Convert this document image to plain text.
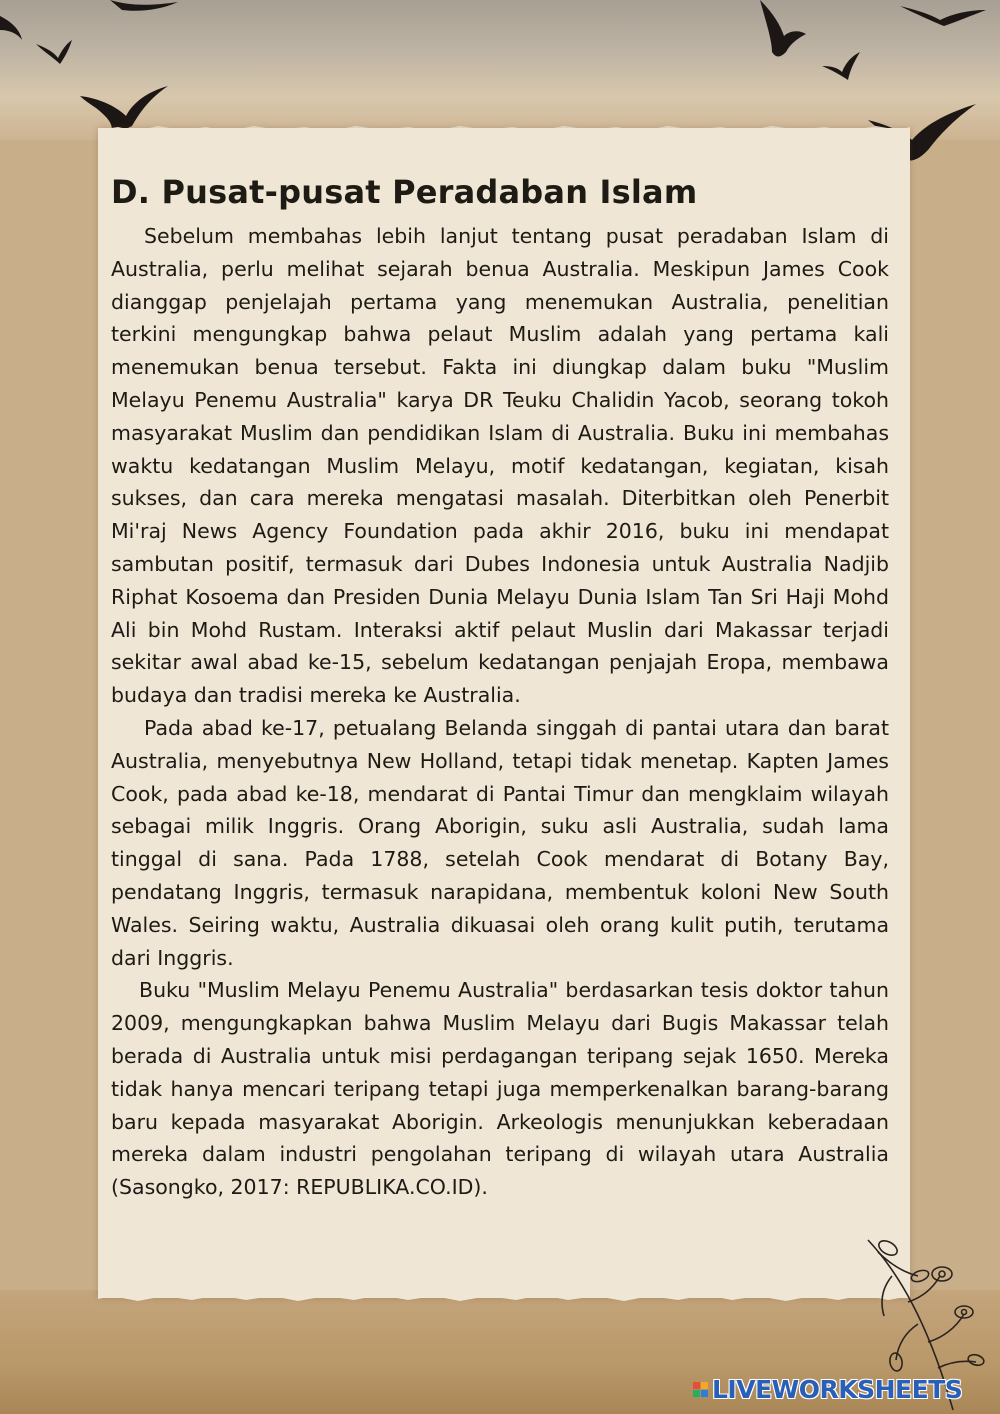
D. Pusat-pusat Peradaban Islam

Sebelum membahas lebih lanjut tentang pusat peradaban Islam di Australia, perlu melihat sejarah benua Australia. Meskipun James Cook dianggap penjelajah pertama yang menemukan Australia, penelitian terkini mengungkap bahwa pelaut Muslim adalah yang pertama kali menemukan benua tersebut. Fakta ini diungkap dalam buku "Muslim Melayu Penemu Australia" karya DR Teuku Chalidin Yacob, seorang tokoh masyarakat Muslim dan pendidikan Islam di Australia. Buku ini membahas waktu kedatangan Muslim Melayu, motif kedatangan, kegiatan, kisah sukses, dan cara mereka mengatasi masalah. Diterbitkan oleh Penerbit Mi'raj News Agency Foundation pada akhir 2016, buku ini mendapat sambutan positif, termasuk dari Dubes Indonesia untuk Australia Nadjib Riphat Kosoema dan Presiden Dunia Melayu Dunia Islam Tan Sri Haji Mohd Ali bin Mohd Rustam. Interaksi aktif pelaut Muslin dari Makassar terjadi sekitar awal abad ke-15, sebelum kedatangan penjajah Eropa, membawa budaya dan tradisi mereka ke Australia.

Pada abad ke-17, petualang Belanda singgah di pantai utara dan barat Australia, menyebutnya New Holland, tetapi tidak menetap. Kapten James Cook, pada abad ke-18, mendarat di Pantai Timur dan mengklaim wilayah sebagai milik Inggris. Orang Aborigin, suku asli Australia, sudah lama tinggal di sana. Pada 1788, setelah Cook mendarat di Botany Bay, pendatang Inggris, termasuk narapidana, membentuk koloni New South Wales. Seiring waktu, Australia dikuasai oleh orang kulit putih, terutama dari Inggris.

Buku "Muslim Melayu Penemu Australia" berdasarkan tesis doktor tahun 2009, mengungkapkan bahwa Muslim Melayu dari Bugis Makassar telah berada di Australia untuk misi perdagangan teripang sejak 1650. Mereka tidak hanya mencari teripang tetapi juga memperkenalkan barang-barang baru kepada masyarakat Aborigin. Arkeologis menunjukkan keberadaan mereka dalam industri pengolahan teripang di wilayah utara Australia (Sasongko, 2017: REPUBLIKA.CO.ID).

LIVEWORKSHEETS
